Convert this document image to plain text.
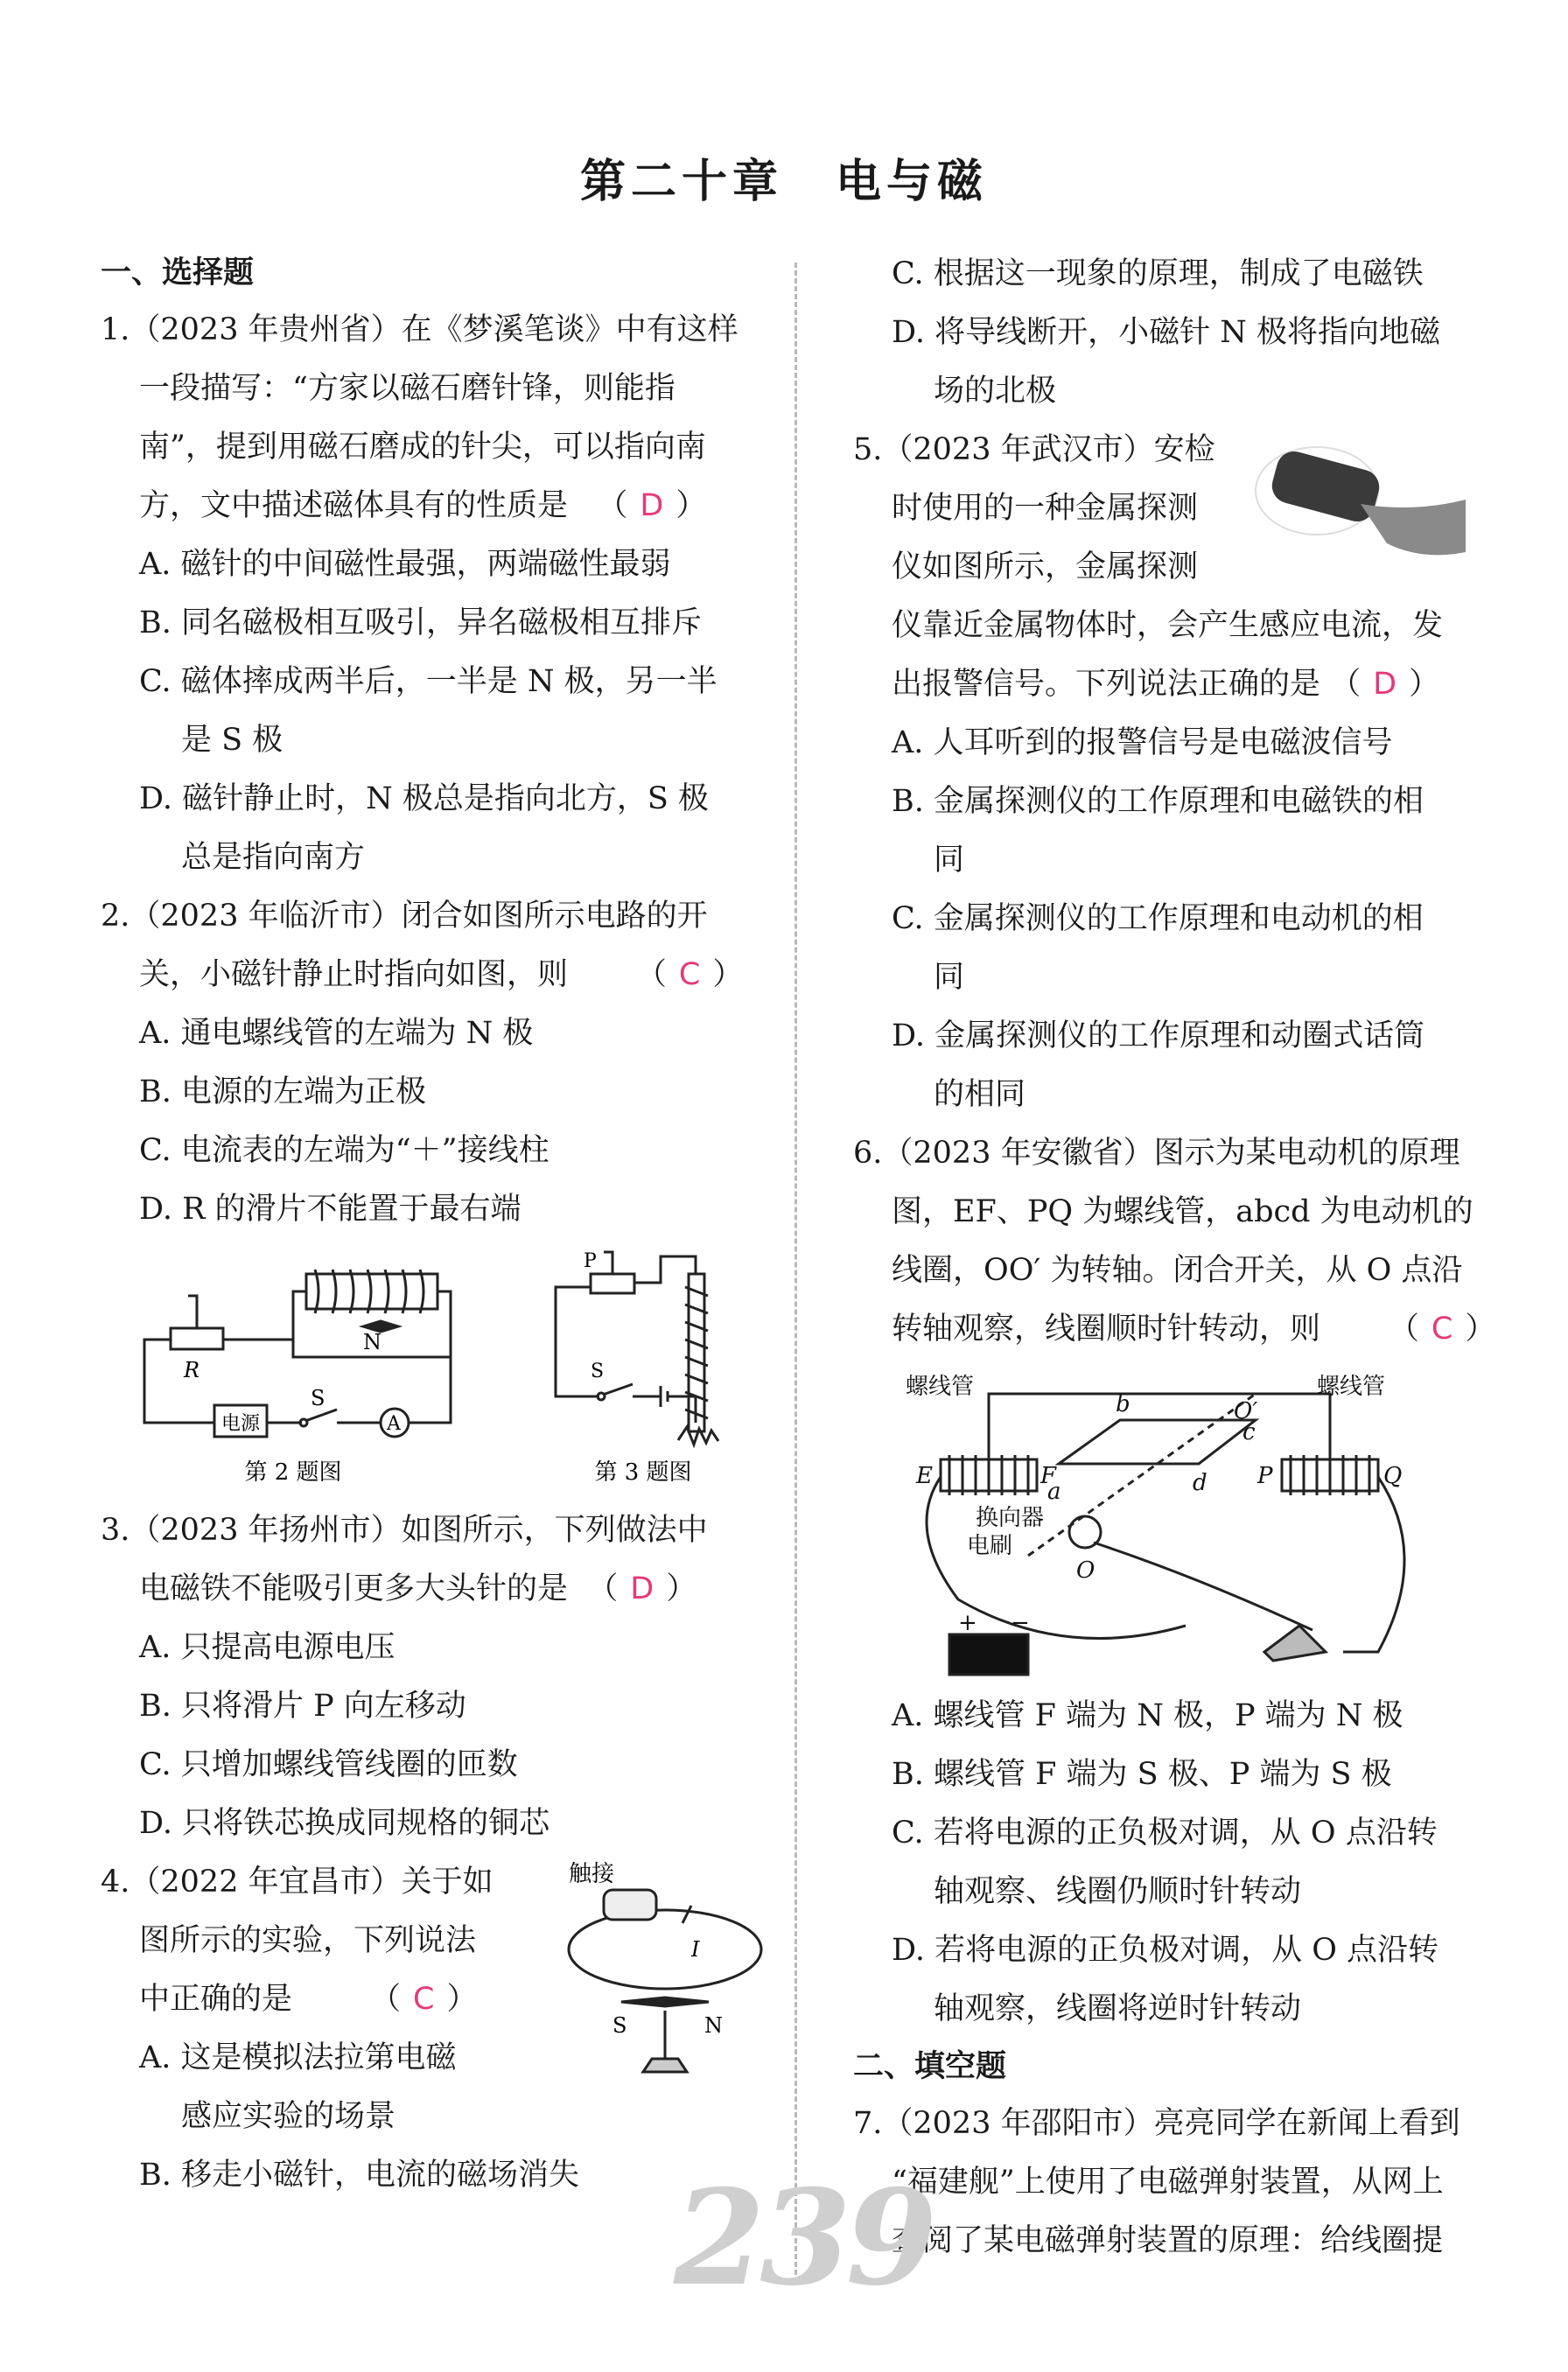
第二十章 电与磁
一、选择题
1.（2023 年贵州省）在《梦溪笔谈》中有这样
一段描写：“方家以磁石磨针锋，则能指
南”，提到用磁石磨成的针尖，可以指向南
方，文中描述磁体具有的性质是 （ D ）
A. 磁针的中间磁性最强，两端磁性最弱
B. 同名磁极相互吸引，异名磁极相互排斥
C. 磁体摔成两半后，一半是 N 极，另一半
是 S 极
D. 磁针静止时，N 极总是指向北方，S 极
总是指向南方
2.（2023 年临沂市）闭合如图所示电路的开
关，小磁针静止时指向如图，则 （ C ）
A. 通电螺线管的左端为 N 极
B. 电源的左端为正极
C. 电流表的左端为“＋”接线柱
D. R 的滑片不能置于最右端
R
N
S
A
电源
第 2 题图
P
S
第 3 题图
3.（2023 年扬州市）如图所示，下列做法中
电磁铁不能吸引更多大头针的是 （ D ）
A. 只提高电源电压
B. 只将滑片 P 向左移动
C. 只增加螺线管线圈的匝数
D. 只将铁芯换成同规格的铜芯
4.（2022 年宜昌市）关于如
图所示的实验，下列说法
中正确的是	（ C ）
A. 这是模拟法拉第电磁
感应实验的场景
B. 移走小磁针，电流的磁场消失
触接
I
S	N
C. 根据这一现象的原理，制成了电磁铁
D. 将导线断开，小磁针 N 极将指向地磁
场的北极
5.（2023 年武汉市）安检
时使用的一种金属探测
仪如图所示，金属探测
仪靠近金属物体时，会产生感应电流，发
出报警信号。下列说法正确的是 （ D ）
A. 人耳听到的报警信号是电磁波信号
B. 金属探测仪的工作原理和电磁铁的相
同
C. 金属探测仪的工作原理和电动机的相
同
D. 金属探测仪的工作原理和动圈式话筒
的相同
6.（2023 年安徽省）图示为某电动机的原理
图，EF、PQ 为螺线管，abcd 为电动机的
线圈，OO′ 为转轴。闭合开关，从 O 点沿
转轴观察，线圈顺时针转动，则 （ C ）
螺线管	螺线管
E	F	P	Q
a
b
c
d
O′
O
换向器
电刷
+ −
A. 螺线管 F 端为 N 极，P 端为 N 极
B. 螺线管 F 端为 S 极、P 端为 S 极
C. 若将电源的正负极对调，从 O 点沿转
轴观察、线圈仍顺时针转动
D. 若将电源的正负极对调，从 O 点沿转
轴观察，线圈将逆时针转动
二、填空题
7.（2023 年邵阳市）亮亮同学在新闻上看到
“福建舰”上使用了电磁弹射装置，从网上
查阅了某电磁弹射装置的原理：给线圈提
239
